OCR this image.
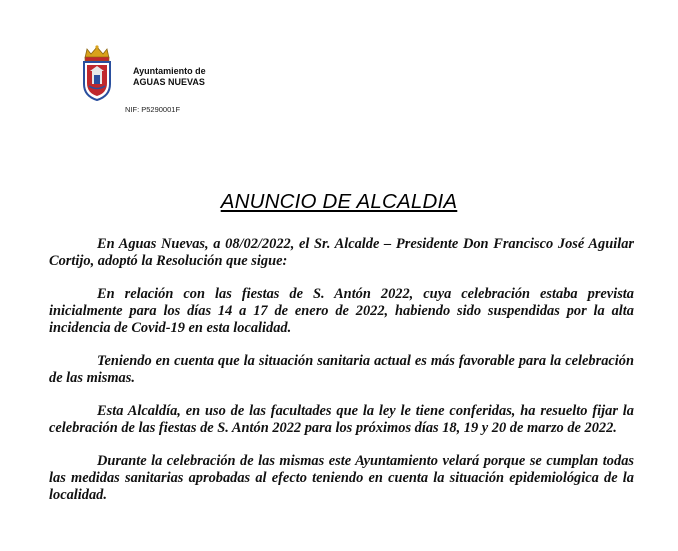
Ayuntamiento de
AGUAS NUEVAS
NIF: P5290001F
ANUNCIO DE ALCALDIA

En Aguas Nuevas, a 08/02/2022, el Sr. Alcalde – Presidente Don Francisco José Aguilar Cortijo, adoptó la Resolución que sigue:

En relación con las fiestas de S. Antón 2022, cuya celebración estaba prevista inicialmente para los días 14 a 17 de enero de 2022, habiendo sido suspendidas por la alta incidencia de Covid-19 en esta localidad.

Teniendo en cuenta que la situación sanitaria actual es más favorable para la celebración de las mismas.

Esta Alcaldía, en uso de las facultades que la ley le tiene conferidas, ha resuelto fijar la celebración de las fiestas de S. Antón 2022 para los próximos días 18, 19 y 20 de marzo de 2022.

Durante la celebración de las mismas este Ayuntamiento velará porque se cumplan todas las medidas sanitarias aprobadas al efecto teniendo en cuenta la situación epidemiológica de la localidad.
